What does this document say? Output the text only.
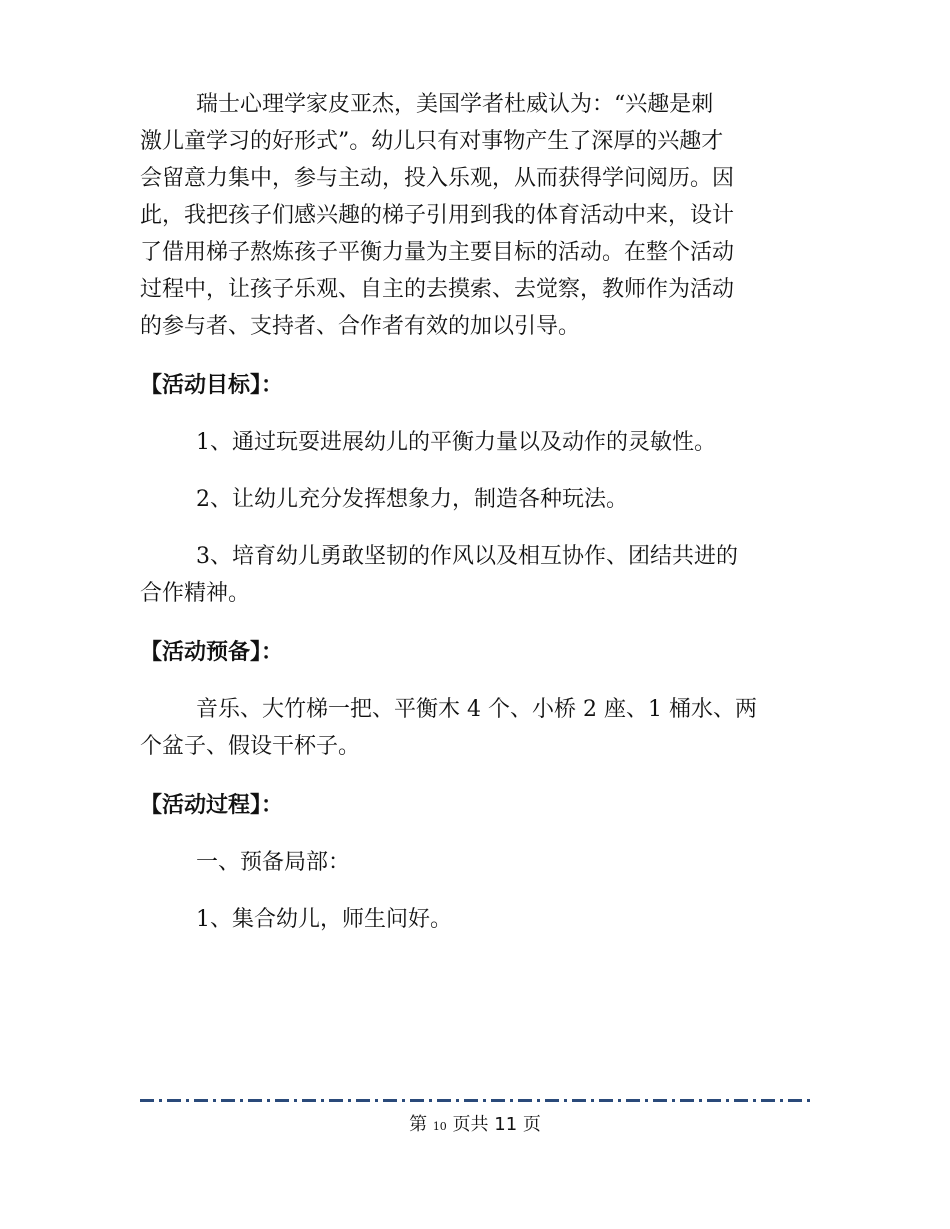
瑞士心理学家皮亚杰，美国学者杜威认为：“兴趣是刺
激儿童学习的好形式”。幼儿只有对事物产生了深厚的兴趣才
会留意力集中，参与主动，投入乐观，从而获得学问阅历。因
此，我把孩子们感兴趣的梯子引用到我的体育活动中来，设计
了借用梯子熬炼孩子平衡力量为主要目标的活动。在整个活动
过程中，让孩子乐观、自主的去摸索、去觉察，教师作为活动
的参与者、支持者、合作者有效的加以引导。

【活动目标】：

1、通过玩耍进展幼儿的平衡力量以及动作的灵敏性。

2、让幼儿充分发挥想象力，制造各种玩法。

3、培育幼儿勇敢坚韧的作风以及相互协作、团结共进的
合作精神。

【活动预备】：

音乐、大竹梯一把、平衡木 4 个、小桥 2 座、1 桶水、两
个盆子、假设干杯子。

【活动过程】：

一、预备局部：

1、集合幼儿，师生问好。

第 10 页共 11 页
